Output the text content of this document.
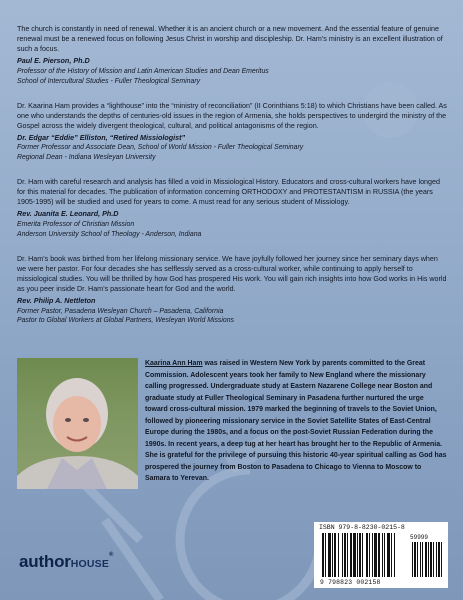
The church is constantly in need of renewal. Whether it is an ancient church or a new movement. And the essential feature of genuine renewal must be a renewed focus on following Jesus Christ in worship and discipleship. Dr. Ham’s ministry is an excellent illustration of such a focus.

Paul E. Pierson, Ph.D

Professor of the History of Mission and Latin American Studies and Dean Emeritus

School of Intercultural Studies - Fuller Theological Seminary

Dr. Kaarina Ham provides a “lighthouse” into the “ministry of reconciliation” (II Corinthians 5:18) to which Christians have been called. As one who understands the depths of centuries-old issues in the region of Armenia, she holds perspectives to undergird the ministry of the Gospel across the widely divergent theological, cultural, and political antagonisms of the region.

Dr. Edgar “Eddie” Elliston, “Retired Missiologist”

Former Professor and Associate Dean, School of World Mission - Fuller Theological Seminary

Regional Dean - Indiana Wesleyan University

Dr. Ham with careful research and analysis has filled a void in Missiological History. Educators and cross-cultural workers have longed for this material for decades. The publication of information concerning ORTHODOXY and PROTESTANTISM in RUSSIA (the years 1905-1995) will be studied and used for years to come. A must read for any serious student of Missiology.

Rev. Juanita E. Leonard, Ph.D

Emerita Professor of Christian Mission

Anderson University School of Theology - Anderson, Indiana

Dr. Ham’s book was birthed from her lifelong missionary service. We have joyfully followed her journey since her seminary days when we were her pastor. For four decades she has selflessly served as a cross-cultural worker, while continuing to apply herself to missiological studies. You will be thrilled by how God has prospered His work. You will gain rich insights into how God works in His world as you peer inside Dr. Ham’s passionate heart for God and the world.

Rev. Philip A. Nettleton

Former Pastor, Pasadena Wesleyan Church – Pasadena, California

Pastor to Global Workers at Global Partners, Wesleyan World Missions

Kaarina Ann Ham was raised in Western New York by parents committed to the Great Commission. Adolescent years took her family to New England where the missionary calling progressed. Undergraduate study at Eastern Nazarene College near Boston and graduate study at Fuller Theological Seminary in Pasadena further nurtured the urge toward cross-cultural mission. 1979 marked the beginning of travels to the Soviet Union, followed by pioneering missionary service in the Soviet Satellite States of East-Central Europe during the 1980s, and a focus on the post-Soviet Russian Federation during the 1990s. In recent years, a deep tug at her heart has brought her to the Republic of Armenia. She is grateful for the privilege of pursuing this historic 40-year spiritual calling as God has prospered the journey from Boston to Pasadena to Chicago to Vienna to Moscow to Samara to Yerevan.
authorHOUSE®
ISBN 979-8-8230-0215-8
59999
9 798823 002158
